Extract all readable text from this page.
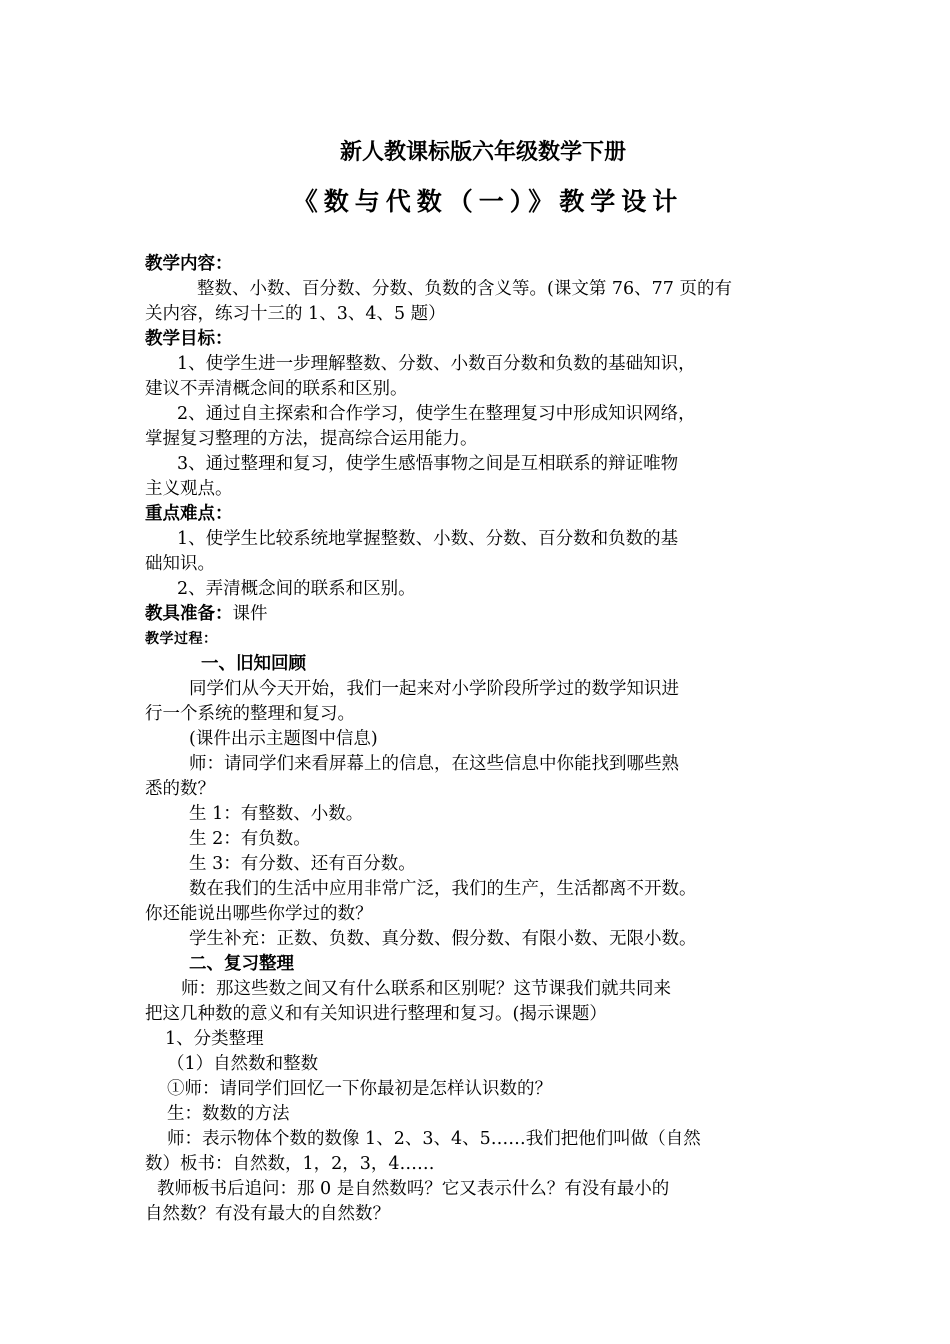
新人教课标版六年级数学下册
《数与代数（一）》教学设计
教学内容：
整数、小数、百分数、分数、负数的含义等。(课文第 76、77 页的有
关内容，练习十三的 1、3、4、5 题）
教学目标：
1、使学生进一步理解整数、分数、小数百分数和负数的基础知识，
建议不弄清概念间的联系和区别。
2、通过自主探索和合作学习，使学生在整理复习中形成知识网络，
掌握复习整理的方法，提高综合运用能力。
3、通过整理和复习，使学生感悟事物之间是互相联系的辩证唯物
主义观点。
重点难点：
1、使学生比较系统地掌握整数、小数、分数、百分数和负数的基
础知识。
2、弄清概念间的联系和区别。
教具准备：课件
教学过程：
一、旧知回顾
同学们从今天开始，我们一起来对小学阶段所学过的数学知识进
行一个系统的整理和复习。
(课件出示主题图中信息)
师：请同学们来看屏幕上的信息，在这些信息中你能找到哪些熟
悉的数？
生 1：有整数、小数。
生 2：有负数。
生 3：有分数、还有百分数。
数在我们的生活中应用非常广泛，我们的生产，生活都离不开数。
你还能说出哪些你学过的数？
学生补充：正数、负数、真分数、假分数、有限小数、无限小数。
二、复习整理
师：那这些数之间又有什么联系和区别呢？这节课我们就共同来
把这几种数的意义和有关知识进行整理和复习。(揭示课题）
1、分类整理
（1）自然数和整数
①师：请同学们回忆一下你最初是怎样认识数的？
生：数数的方法
师：表示物体个数的数像 1、2、3、4、5……我们把他们叫做（自然
数）板书：自然数，1，2，3，4……
教师板书后追问：那 0 是自然数吗？它又表示什么？有没有最小的
自然数？有没有最大的自然数？
